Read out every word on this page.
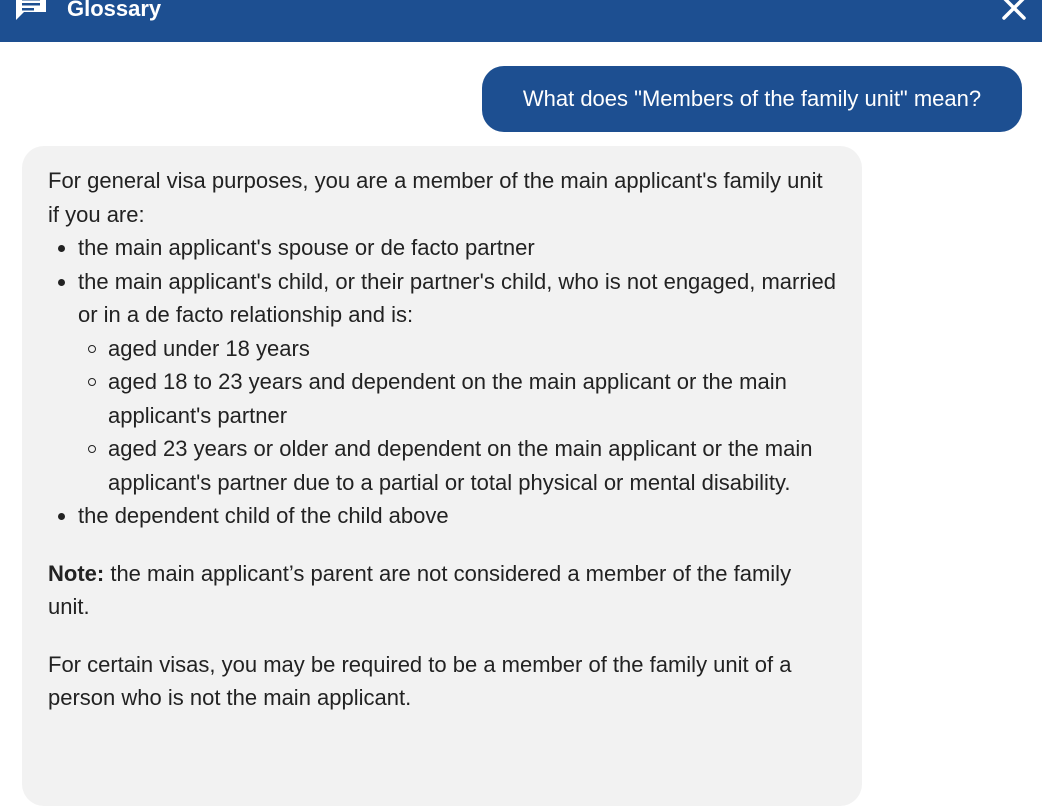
Glossary
What does "Members of the family unit" mean?

For general visa purposes, you are a member of the main applicant's family unit if you are:

the main applicant's spouse or de facto partner
the main applicant's child, or their partner's child, who is not engaged, married or in a de facto relationship and is:
aged under 18 years
aged 18 to 23 years and dependent on the main applicant or the main applicant's partner
aged 23 years or older and dependent on the main applicant or the main applicant's partner due to a partial or total physical or mental disability.
the dependent child of the child above

Note: the main applicant’s parent are not considered a member of the family unit.

For certain visas, you may be required to be a member of the family unit of a person who is not the main applicant.
